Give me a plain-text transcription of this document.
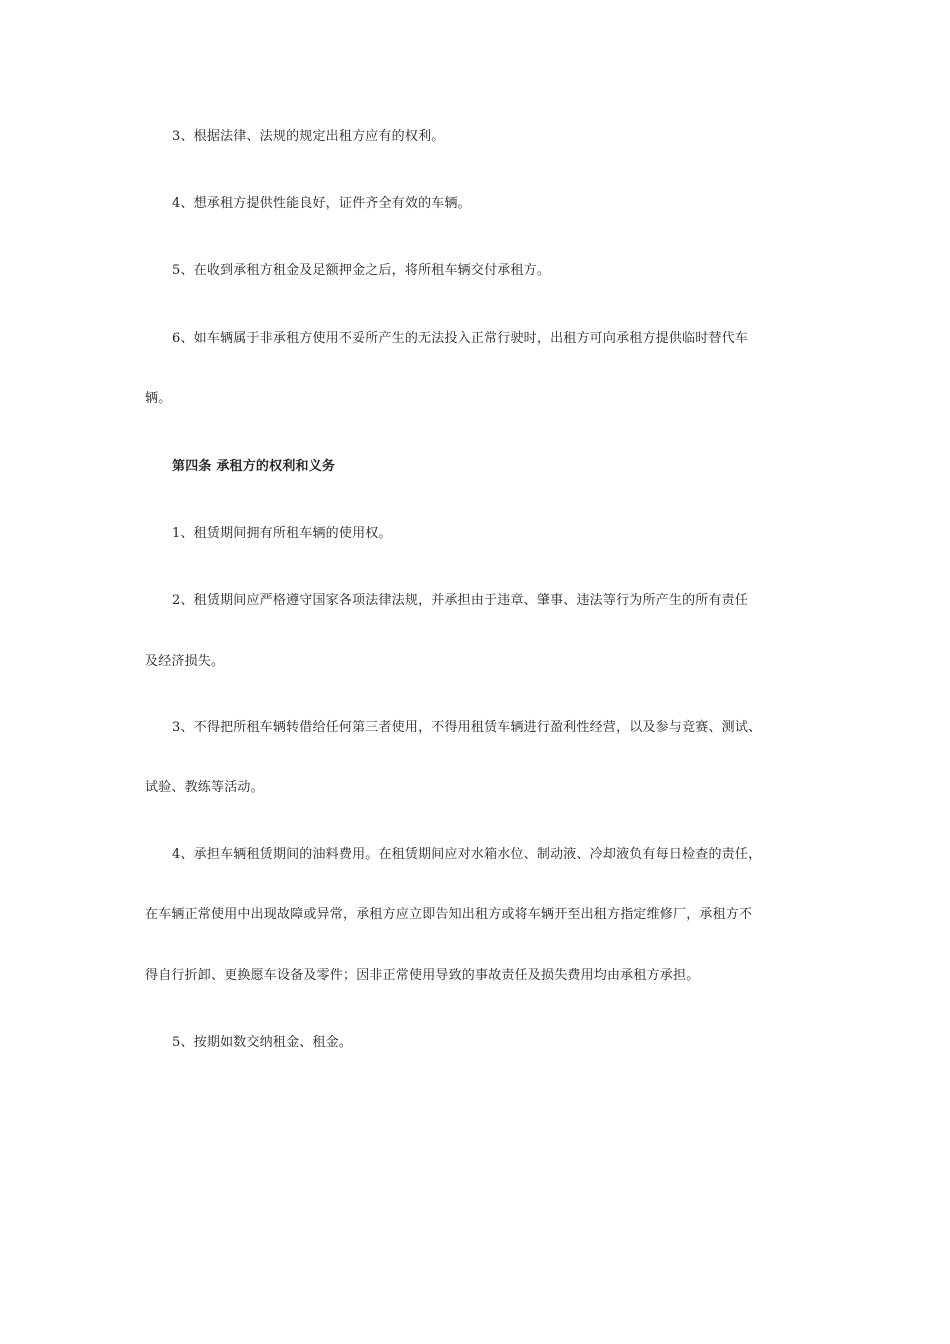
3、根据法律、法规的规定出租方应有的权利。
4、想承租方提供性能良好，证件齐全有效的车辆。
5、在收到承租方租金及足额押金之后，将所租车辆交付承租方。
6、如车辆属于非承租方使用不妥所产生的无法投入正常行驶时，出租方可向承租方提供临时替代车
辆。
第四条 承租方的权利和义务
1、租赁期间拥有所租车辆的使用权。
2、租赁期间应严格遵守国家各项法律法规，并承担由于违章、肇事、违法等行为所产生的所有责任
及经济损失。
3、不得把所租车辆转借给任何第三者使用，不得用租赁车辆进行盈利性经营，以及参与竞赛、测试、
试验、教练等活动。
4、承担车辆租赁期间的油料费用。在租赁期间应对水箱水位、制动液、冷却液负有每日检查的责任，
在车辆正常使用中出现故障或异常，承租方应立即告知出租方或将车辆开至出租方指定维修厂，承租方不
得自行折卸、更换愿车设备及零件；因非正常使用导致的事故责任及损失费用均由承租方承担。
5、按期如数交纳租金、租金。
